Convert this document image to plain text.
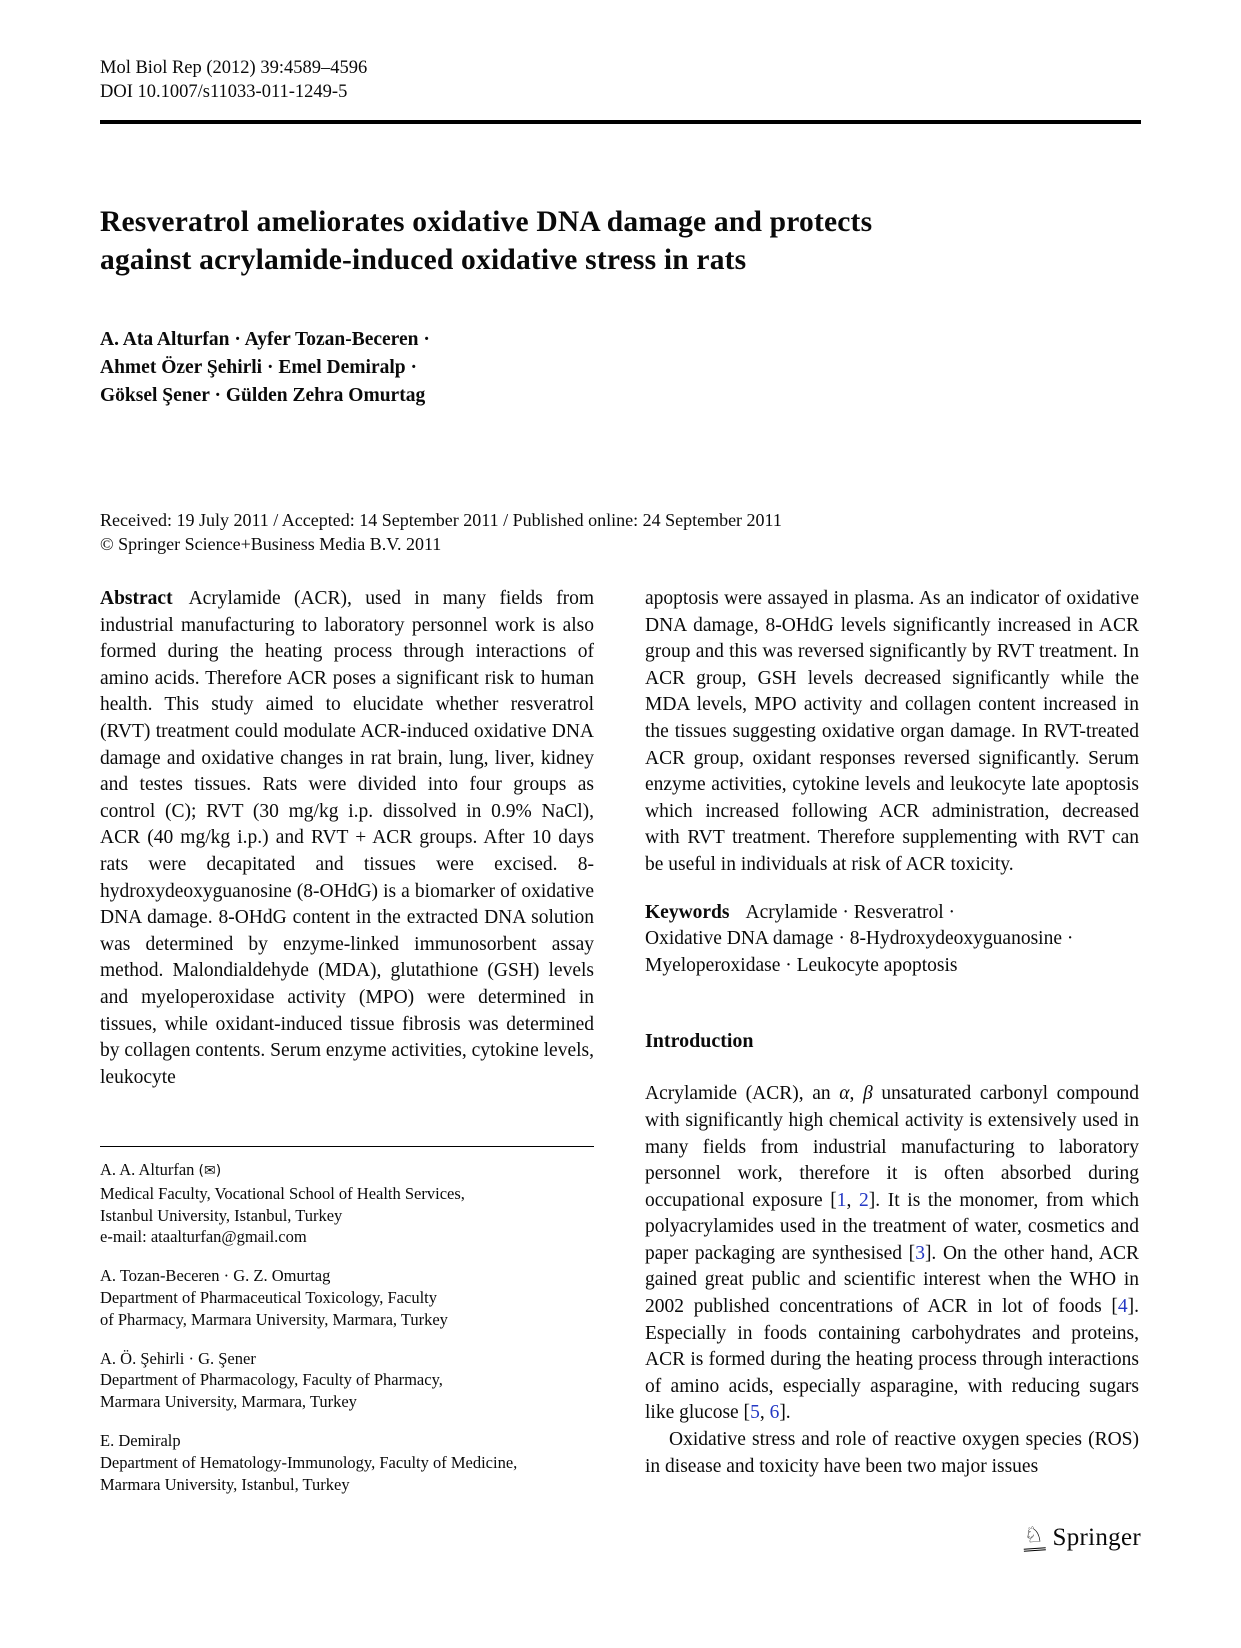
Mol Biol Rep (2012) 39:4589–4596
DOI 10.1007/s11033-011-1249-5
Resveratrol ameliorates oxidative DNA damage and protects
against acrylamide-induced oxidative stress in rats
A. Ata Alturfan · Ayfer Tozan-Beceren ·
Ahmet Özer Şehirli · Emel Demiralp ·
Göksel Şener · Gülden Zehra Omurtag
Received: 19 July 2011 / Accepted: 14 September 2011 / Published online: 24 September 2011
© Springer Science+Business Media B.V. 2011

Abstract Acrylamide (ACR), used in many fields from industrial manufacturing to laboratory personnel work is also formed during the heating process through interactions of amino acids. Therefore ACR poses a significant risk to human health. This study aimed to elucidate whether resveratrol (RVT) treatment could modulate ACR-induced oxidative DNA damage and oxidative changes in rat brain, lung, liver, kidney and testes tissues. Rats were divided into four groups as control (C); RVT (30 mg/kg i.p. dissolved in 0.9% NaCl), ACR (40 mg/kg i.p.) and RVT + ACR groups. After 10 days rats were decapitated and tissues were excised. 8-hydroxydeoxyguanosine (8-OHdG) is a biomarker of oxidative DNA damage. 8-OHdG content in the extracted DNA solution was determined by enzyme-linked immunosorbent assay method. Malondialdehyde (MDA), glutathione (GSH) levels and myeloperoxidase activity (MPO) were determined in tissues, while oxidant-induced tissue fibrosis was determined by collagen contents. Serum enzyme activities, cytokine levels, leukocyte

apoptosis were assayed in plasma. As an indicator of oxidative DNA damage, 8-OHdG levels significantly increased in ACR group and this was reversed significantly by RVT treatment. In ACR group, GSH levels decreased significantly while the MDA levels, MPO activity and collagen content increased in the tissues suggesting oxidative organ damage. In RVT-treated ACR group, oxidant responses reversed significantly. Serum enzyme activities, cytokine levels and leukocyte late apoptosis which increased following ACR administration, decreased with RVT treatment. Therefore supplementing with RVT can be useful in individuals at risk of ACR toxicity.

Keywords Acrylamide · Resveratrol ·
Oxidative DNA damage · 8-Hydroxydeoxyguanosine ·
Myeloperoxidase · Leukocyte apoptosis
Introduction

Acrylamide (ACR), an α, β unsaturated carbonyl compound with significantly high chemical activity is extensively used in many fields from industrial manufacturing to laboratory personnel work, therefore it is often absorbed during occupational exposure [1, 2]. It is the monomer, from which polyacrylamides used in the treatment of water, cosmetics and paper packaging are synthesised [3]. On the other hand, ACR gained great public and scientific interest when the WHO in 2002 published concentrations of ACR in lot of foods [4]. Especially in foods containing carbohydrates and proteins, ACR is formed during the heating process through interactions of amino acids, especially asparagine, with reducing sugars like glucose [5, 6].

Oxidative stress and role of reactive oxygen species (ROS) in disease and toxicity have been two major issues

A. A. Alturfan (✉)
Medical Faculty, Vocational School of Health Services,
Istanbul University, Istanbul, Turkey
e-mail: ataalturfan@gmail.com
A. Tozan-Beceren · G. Z. Omurtag
Department of Pharmaceutical Toxicology, Faculty
of Pharmacy, Marmara University, Marmara, Turkey
A. Ö. Şehirli · G. Şener
Department of Pharmacology, Faculty of Pharmacy,
Marmara University, Marmara, Turkey
E. Demiralp
Department of Hematology-Immunology, Faculty of Medicine,
Marmara University, Istanbul, Turkey
♘ Springer
